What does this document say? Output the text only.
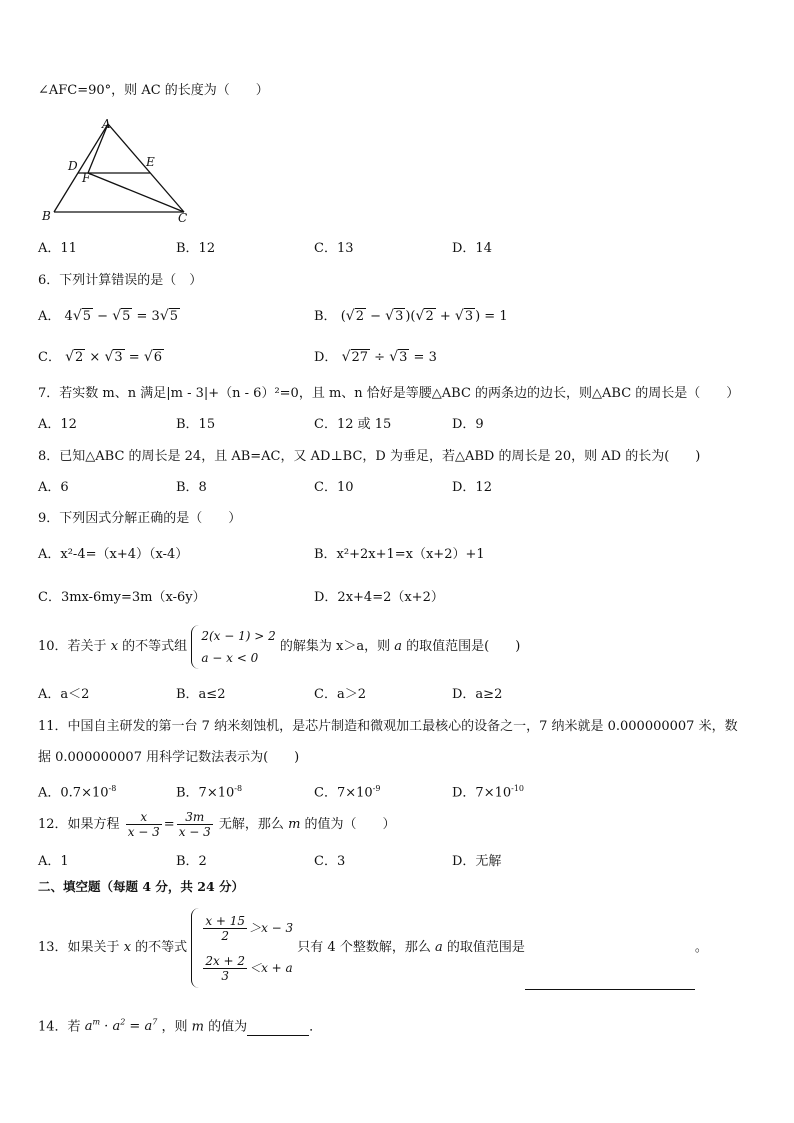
∠AFC=90°，则 AC 的长度为（　　）
A
D	E
F
B	C
A．11	B．12	C．13	D．14
6．下列计算错误的是（　）
A． 4√5 − √5 = 3√5	B． (√2 − √3 )(√2 + √3 ) = 1
C． √2 × √3 = √6	D． √27 ÷ √3 = 3
7．若实数 m、n 满足|m - 3|+（n - 6）²=0，且 m、n 恰好是等腰△ABC 的两条边的边长，则△ABC 的周长是（　　）
A．12	B．15	C．12 或 15	D．9
8．已知△ABC 的周长是 24，且 AB=AC，又 AD⊥BC，D 为垂足，若△ABD 的周长是 20，则 AD 的长为(　　)
A．6	B．8	C．10	D．12
9．下列因式分解正确的是（　　）
A．x²-4=（x+4）（x-4）	B．x²+2x+1=x（x+2）+1
C．3mx-6my=3m（x-6y）	D．2x+4=2（x+2）
10．若关于 x 的不等式组
2(x − 1) > 2
a − x < 0
的解集为 x＞a，则 a 的取值范围是(　　)
A．a＜2	B．a≤2	C．a＞2	D．a≥2
11．中国自主研发的第一台 7 纳米刻蚀机，是芯片制造和微观加工最核心的设备之一，7 纳米就是 0.000000007 米，数
据 0.000000007 用科学记数法表示为(　　)
A．$0.7\times 10^{-8}$	B．$7\times 10^{-8}$	C．$7\times 10^{-9}$	D．$7\times 10^{-10}$
12．如果方程 $\frac{x}{x - 3} = \frac{3m}{x - 3}$ 无解，那么 m 的值为（　　）
A．1	B．2	C．3	D．无解
二、填空题（每题 4 分，共 24 分）
13．如果关于 x 的不等式
$\frac{x + 15}{2} >x - 3$
$\frac{2x + 2}{3} <x + a$
只有 4 个整数解，那么 a 的取值范围是	。
14．若 $a^m \cdot a^2 = a^7$ ，则 m 的值为	．
